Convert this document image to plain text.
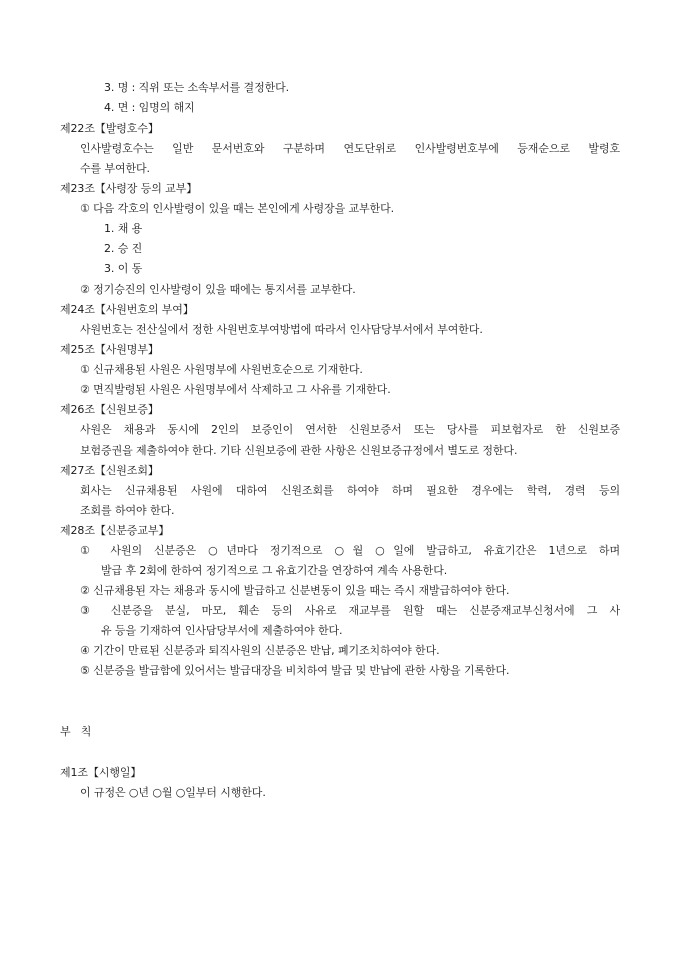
3. 명 : 직위 또는 소속부서를 결정한다.
4. 면 : 임명의 해지
제22조【발령호수】
인사발령호수는 일반 문서번호와 구분하며 연도단위로 인사발령번호부에 등재순으로 발령호
수를 부여한다.
제23조【사령장 등의 교부】
① 다음 각호의 인사발령이 있을 때는 본인에게 사령장을 교부한다.
1. 채 용
2. 승 진
3. 이 동
② 정기승진의 인사발령이 있을 때에는 통지서를 교부한다.
제24조【사원번호의 부여】
사원번호는 전산실에서 정한 사원번호부여방법에 따라서 인사담당부서에서 부여한다.
제25조【사원명부】
① 신규채용된 사원은 사원명부에 사원번호순으로 기재한다.
② 면직발령된 사원은 사원명부에서 삭제하고 그 사유를 기재한다.
제26조【신원보증】
사원은 채용과 동시에 2인의 보증인이 연서한 신원보증서 또는 당사를 피보험자로 한 신원보증
보험증권을 제출하여야 한다. 기타 신원보증에 관한 사항은 신원보증규정에서 별도로 정한다.
제27조【신원조회】
회사는 신규채용된 사원에 대하여 신원조회를 하여야 하며 필요한 경우에는 학력, 경력 등의
조회를 하여야 한다.
제28조【신분증교부】
① 사원의 신분증은 ○년마다 정기적으로 ○월 ○일에 발급하고, 유효기간은 1년으로 하며
발급 후 2회에 한하여 정기적으로 그 유효기간을 연장하여 계속 사용한다.
② 신규채용된 자는 채용과 동시에 발급하고 신분변동이 있을 때는 즉시 재발급하여야 한다.
③ 신분증을 분실, 마모, 훼손 등의 사유로 재교부를 원할 때는 신분증재교부신청서에 그 사
유 등을 기재하여 인사담당부서에 제출하여야 한다.
④ 기간이 만료된 신분증과 퇴직사원의 신분증은 반납, 폐기조치하여야 한다.
⑤ 신분증을 발급함에 있어서는 발급대장을 비치하여 발급 및 반납에 관한 사항을 기록한다.
부   칙
제1조【시행일】
이 규정은 ○년 ○월 ○일부터 시행한다.
